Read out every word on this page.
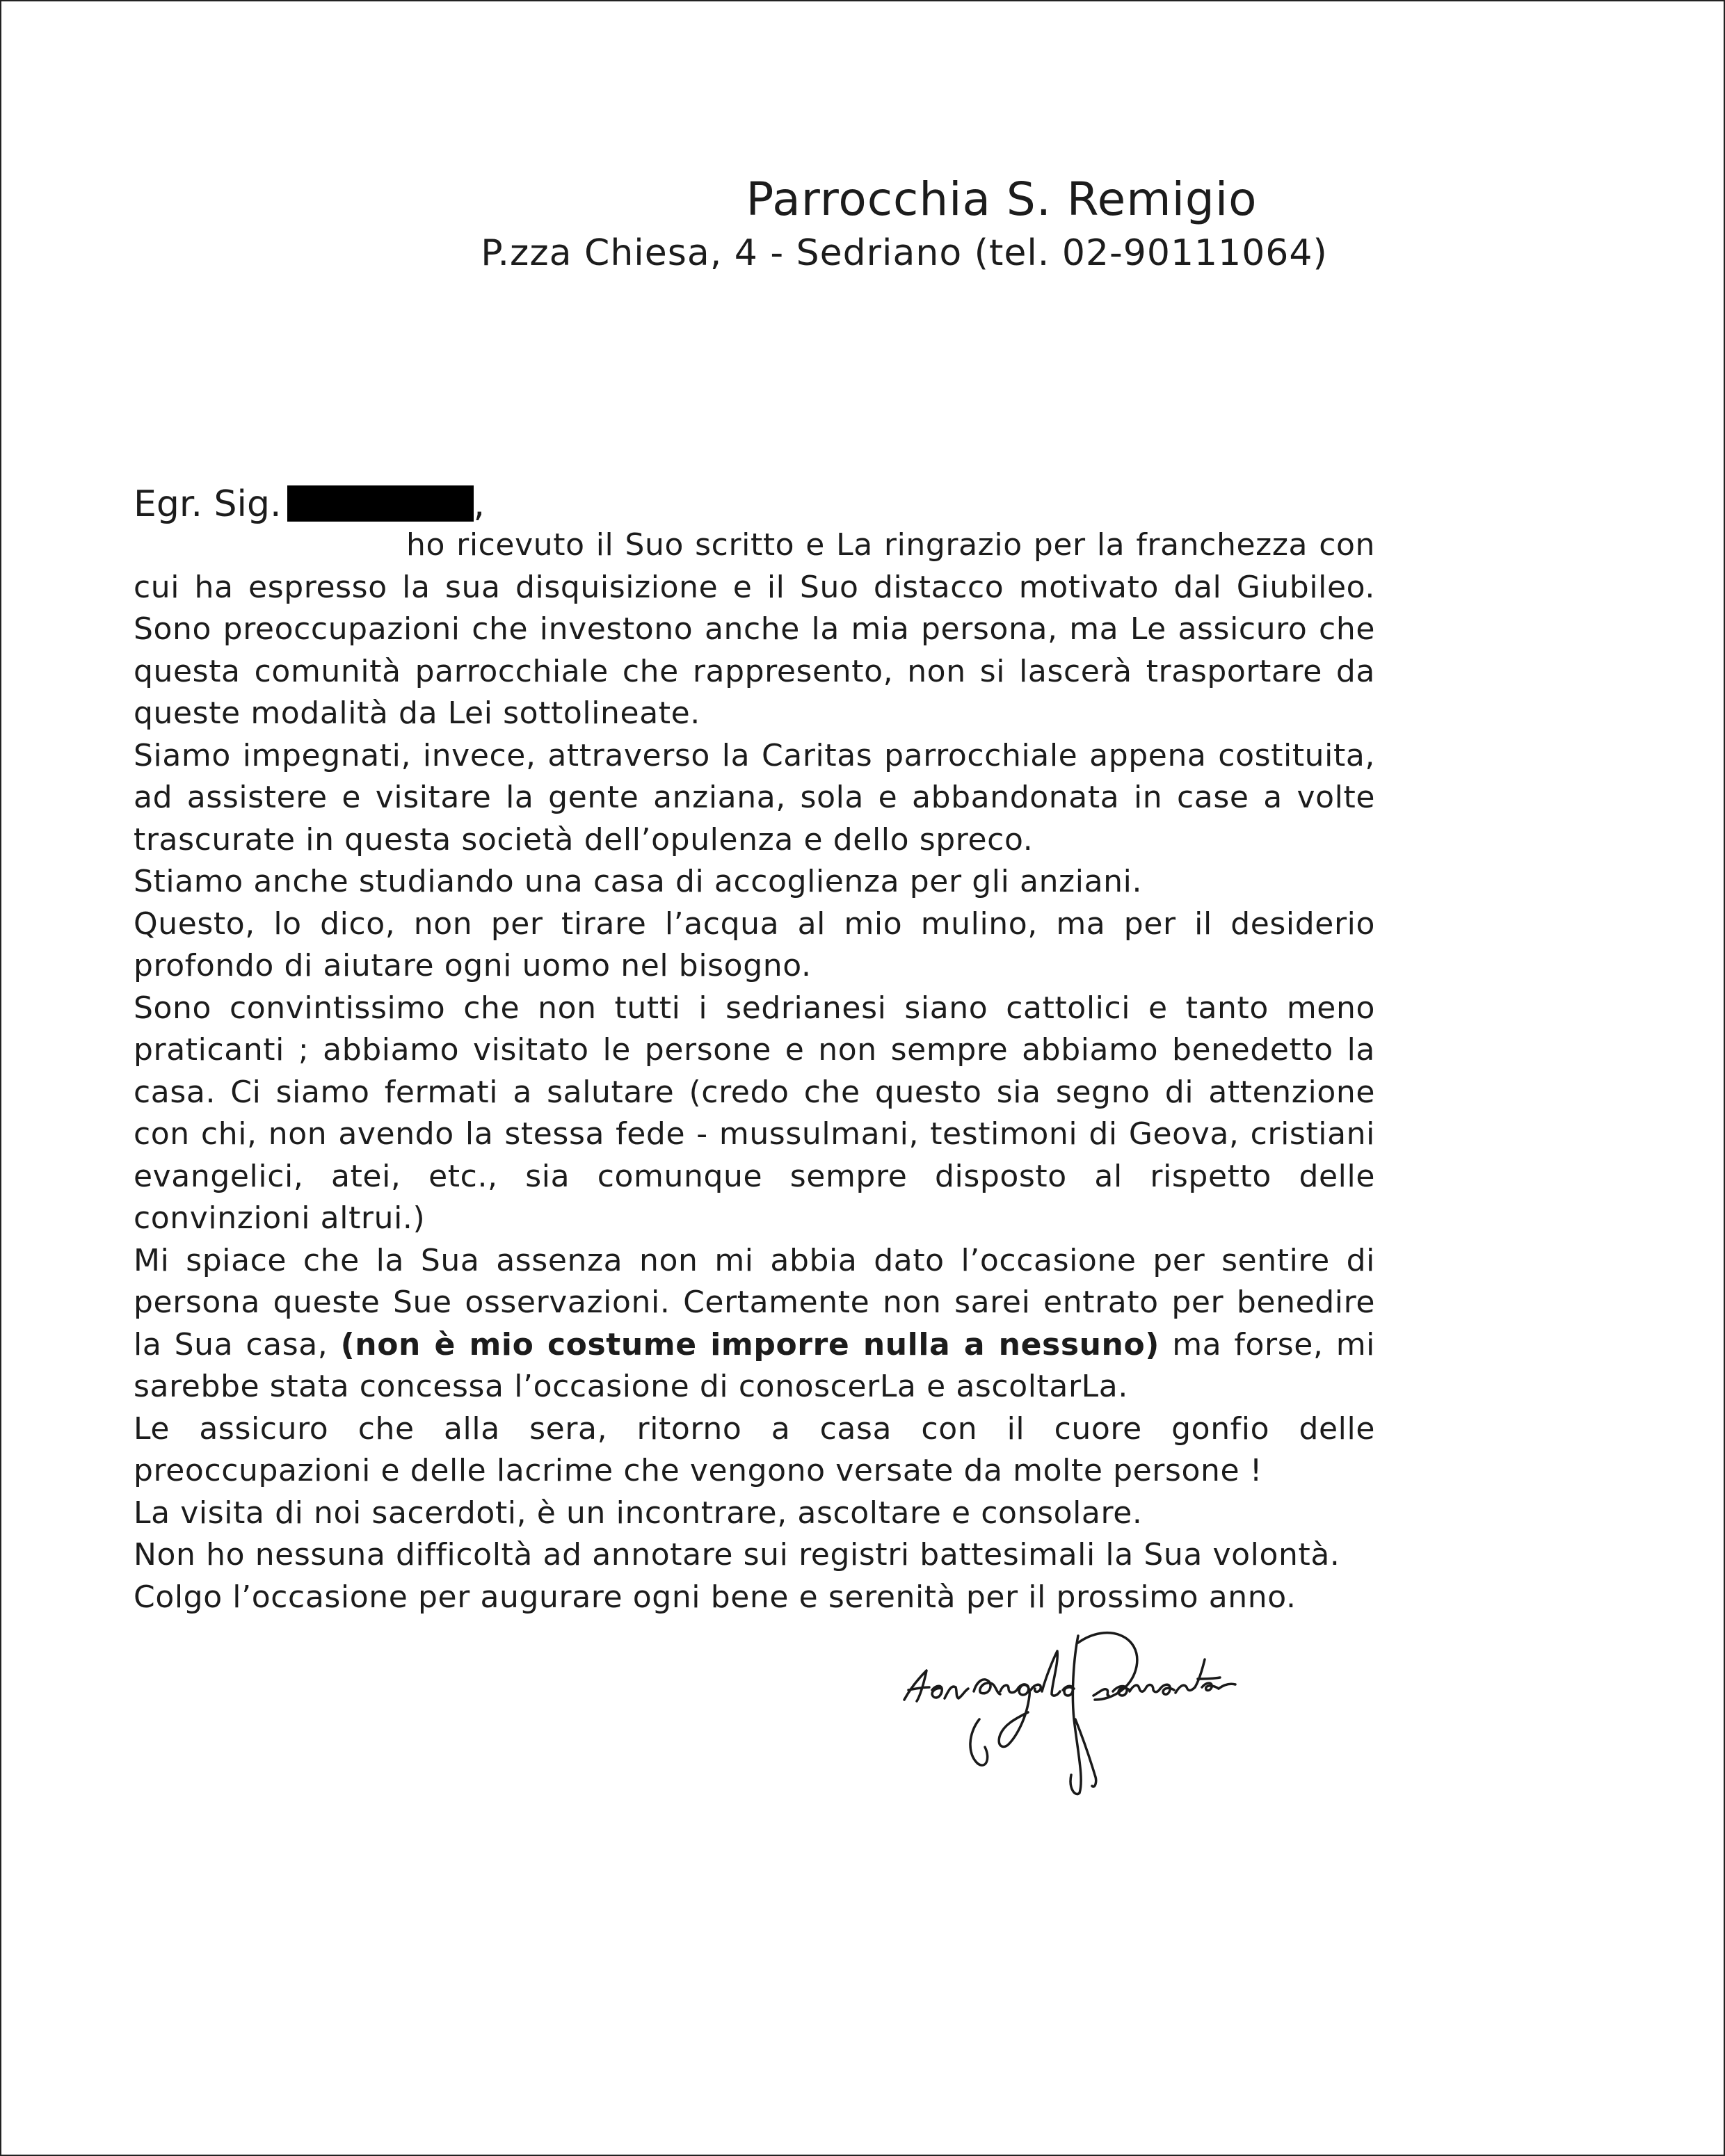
Parrocchia S. Remigio
P.zza Chiesa, 4 - Sedriano (tel. 02-90111064)
Egr. Sig.	,

ho ricevuto il Suo scritto e La ringrazio per la franchezza con cui ha espresso la sua disquisizione e il Suo distacco motivato dal Giubileo. Sono preoccupazioni che investono anche la mia persona, ma Le assicuro che questa comunità parrocchiale che rappresento, non si lascerà trasportare da queste modalità da Lei sottolineate.

Siamo impegnati, invece, attraverso la Caritas parrocchiale appena costituita, ad assistere e visitare la gente anziana, sola e abbandonata in case a volte trascurate in questa società dell’opulenza e dello spreco.

Stiamo anche studiando una casa di accoglienza per gli anziani.

Questo, lo dico, non per tirare l’acqua al mio mulino, ma per il desiderio profondo di aiutare ogni uomo nel bisogno.

Sono convintissimo che non tutti i sedrianesi siano cattolici e tanto meno praticanti ; abbiamo visitato le persone e non sempre abbiamo benedetto la casa. Ci siamo fermati a salutare (credo che questo sia segno di attenzione con chi, non avendo la stessa fede - mussulmani, testimoni di Geova, cristiani evangelici, atei, etc., sia comunque sempre disposto al rispetto delle convinzioni altrui.)

Mi spiace che la Sua assenza non mi abbia dato l’occasione per sentire di persona queste Sue osservazioni. Certamente non sarei entrato per benedire la Sua casa, (non è mio costume imporre nulla a nessuno) ma forse, mi sarebbe stata concessa l’occasione di conoscerLa e ascoltarLa.

Le assicuro che alla sera, ritorno a casa con il cuore gonfio delle preoccupazioni e delle lacrime che vengono versate da molte persone !

La visita di noi sacerdoti, è un incontrare, ascoltare e consolare.

Non ho nessuna difficoltà ad annotare sui registri battesimali la Sua volontà.

Colgo l’occasione per augurare ogni bene e serenità per il prossimo anno.
